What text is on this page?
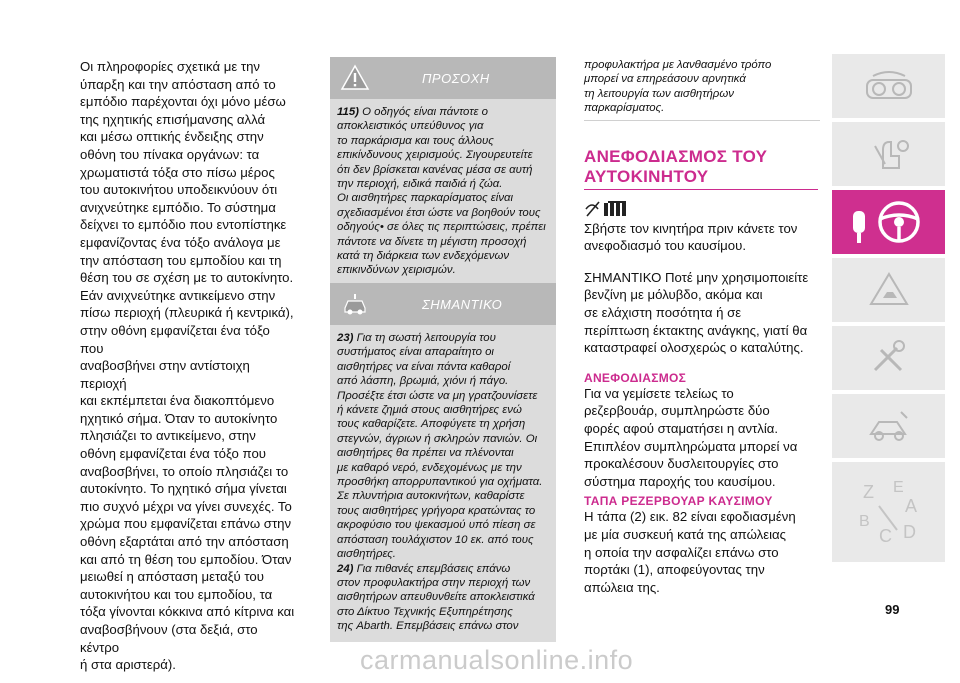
Οι πληροφορίες σχετικά με την
ύπαρξη και την απόσταση από το
εμπόδιο παρέχονται όχι μόνο μέσω
της ηχητικής επισήμανσης αλλά
και μέσω οπτικής ένδειξης στην
οθόνη του πίνακα οργάνων: τα
χρωματιστά τόξα στο πίσω μέρος
του αυτοκινήτου υποδεικνύουν ότι
ανιχνεύτηκε εμπόδιο. Το σύστημα
δείχνει το εμπόδιο που εντοπίστηκε
εμφανίζοντας ένα τόξο ανάλογα με
την απόσταση του εμποδίου και τη
θέση του σε σχέση με το αυτοκίνητο.
Εάν ανιχνεύτηκε αντικείμενο στην
πίσω περιοχή (πλευρικά ή κεντρικά),
στην οθόνη εμφανίζεται ένα τόξο που
αναβοσβήνει στην αντίστοιχη περιοχή
και εκπέμπεται ένα διακοπτόμενο
ηχητικό σήμα. Όταν το αυτοκίνητο
πλησιάζει το αντικείμενο, στην
οθόνη εμφανίζεται ένα τόξο που
αναβοσβήνει, το οποίο πλησιάζει το
αυτοκίνητο. Το ηχητικό σήμα γίνεται
πιο συχνό μέχρι να γίνει συνεχές. Το
χρώμα που εμφανίζεται επάνω στην
οθόνη εξαρτάται από την απόσταση
και από τη θέση του εμποδίου. Όταν
μειωθεί η απόσταση μεταξύ του
αυτοκινήτου και του εμποδίου, τα
τόξα γίνονται κόκκινα από κίτρινα και
αναβοσβήνουν (στα δεξιά, στο κέντρο
ή στα αριστερά).

ΠΡΟΣΟΧΗ

115) Ο οδηγός είναι πάντοτε ο
αποκλειστικός υπεύθυνος για
το παρκάρισμα και τους άλλους
επικίνδυνους χειρισμούς. Σιγουρευτείτε
ότι δεν βρίσκεται κανένας μέσα σε αυτή
την περιοχή, ειδικά παιδιά ή ζώα.
Οι αισθητήρες παρκαρίσματος είναι
σχεδιασμένοι έτσι ώστε να βοηθούν τους
οδηγούς• σε όλες τις περιπτώσεις, πρέπει
πάντοτε να δίνετε τη μέγιστη προσοχή
κατά τη διάρκεια των ενδεχόμενων
επικινδύνων χειρισμών.

ΣΗΜΑΝΤΙΚΟ

23) Για τη σωστή λειτουργία του
συστήματος είναι απαραίτητο οι
αισθητήρες να είναι πάντα καθαροί
από λάσπη, βρωμιά, χιόνι ή πάγο.
Προσέξτε έτσι ώστε να μη γρατζουνίσετε
ή κάνετε ζημιά στους αισθητήρες ενώ
τους καθαρίζετε. Αποφύγετε τη χρήση
στεγνών, άγριων ή σκληρών πανιών. Οι
αισθητήρες θα πρέπει να πλένονται
με καθαρό νερό, ενδεχομένως με την
προσθήκη απορρυπαντικού για οχήματα.
Σε πλυντήρια αυτοκινήτων, καθαρίστε
τους αισθητήρες γρήγορα κρατώντας το
ακροφύσιο του ψεκασμού υπό πίεση σε
απόσταση τουλάχιστον 10 εκ. από τους
αισθητήρες.

24) Για πιθανές επεμβάσεις επάνω
στον προφυλακτήρα στην περιοχή των
αισθητήρων απευθυνθείτε αποκλειστικά
στο Δίκτυο Τεχνικής Εξυπηρέτησης
της Abarth. Επεμβάσεις επάνω στον

προφυλακτήρα με λανθασμένο τρόπο
μπορεί να επηρεάσουν αρνητικά
τη λειτουργία των αισθητήρων
παρκαρίσματος.

ΑΝΕΦΟΔΙΑΣΜΟΣ ΤΟΥ
ΑΥΤΟΚΙΝΗΤΟΥ

Σβήστε τον κινητήρα πριν κάνετε τον
ανεφοδιασμό του καυσίμου.

ΣΗΜΑΝΤΙΚΟ Ποτέ μην χρησιμοποιείτε
βενζίνη με μόλυβδο, ακόμα και
σε ελάχιστη ποσότητα ή σε
περίπτωση έκτακτης ανάγκης, γιατί θα
καταστραφεί ολοσχερώς ο καταλύτης.

ΑΝΕΦΟΔΙΑΣΜΟΣ

Για να γεμίσετε τελείως το
ρεζερβουάρ, συμπληρώστε δύο
φορές αφού σταματήσει η αντλία.
Επιπλέον συμπληρώματα μπορεί να
προκαλέσουν δυσλειτουργίες στο
σύστημα παροχής του καυσίμου.

ΤΑΠΑ ΡΕΖΕΡΒΟΥΑΡ ΚΑΥΣΙΜΟΥ

Η τάπα (2) εικ. 82 είναι εφοδιασμένη
με μία συσκευή κατά της απώλειας
η οποία την ασφαλίζει επάνω στο
πορτάκι (1), αποφεύγοντας την
απώλεια της.

Z E
A
B
C D
99
carmanualsonline.info
